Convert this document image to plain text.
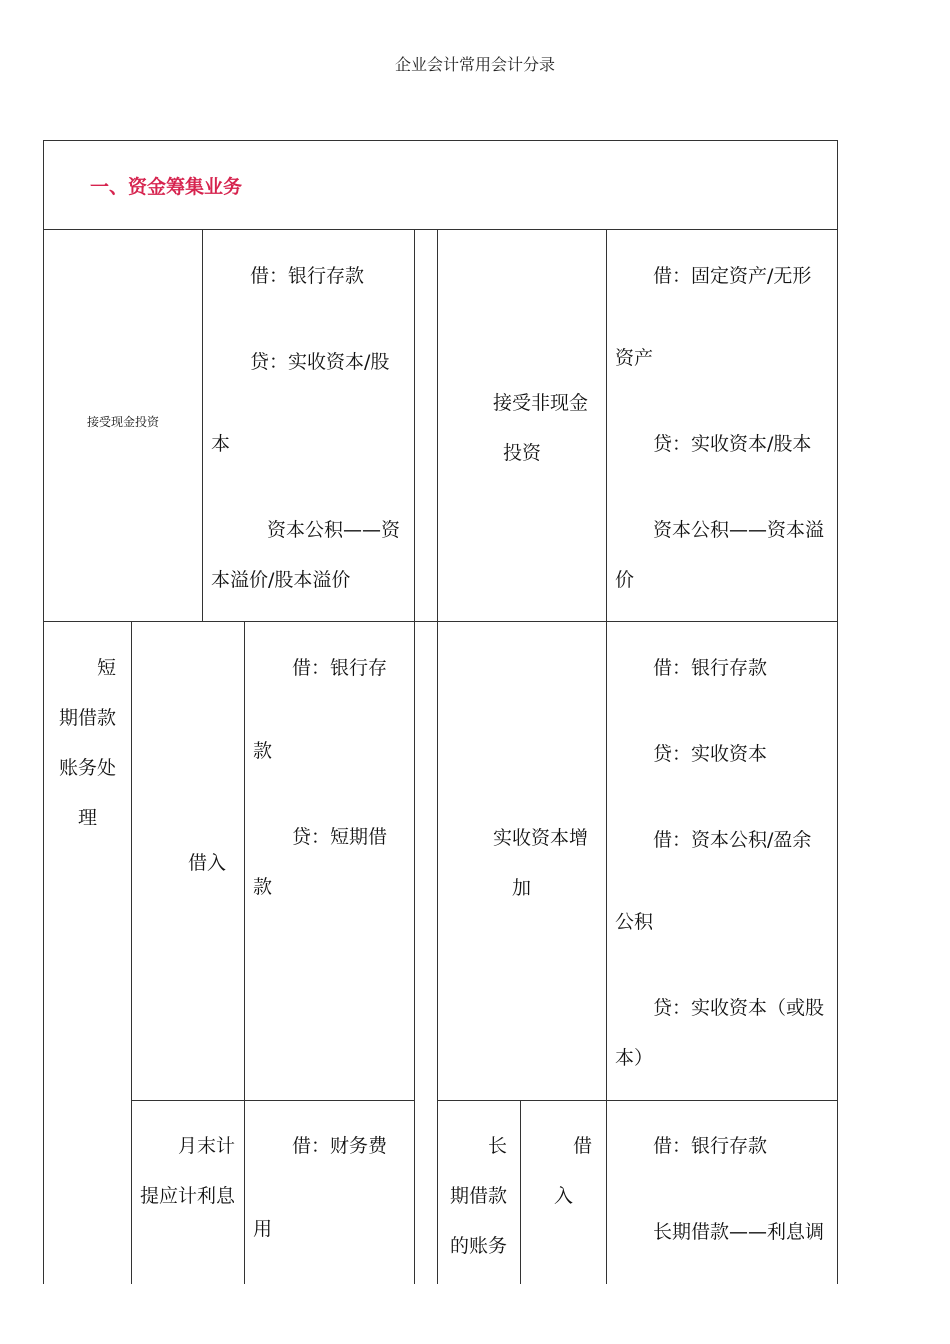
企业会计常用会计分录
一、资金筹集业务
接受现金投资
借：银行存款
贷：实收资本/股
本
资本公积——资
本溢价/股本溢价
接受非现金
投资
借：固定资产/无形
资产
贷：实收资本/股本
资本公积——资本溢
价
短
期借款
账务处
理
借入
借：银行存
款
贷：短期借
款
实收资本增
加
借：银行存款
贷：实收资本
借：资本公积/盈余
公积
贷：实收资本（或股
本）
月末计
提应计利息
借：财务费
用
长
期借款
的账务
借
入
借：银行存款
长期借款——利息调
